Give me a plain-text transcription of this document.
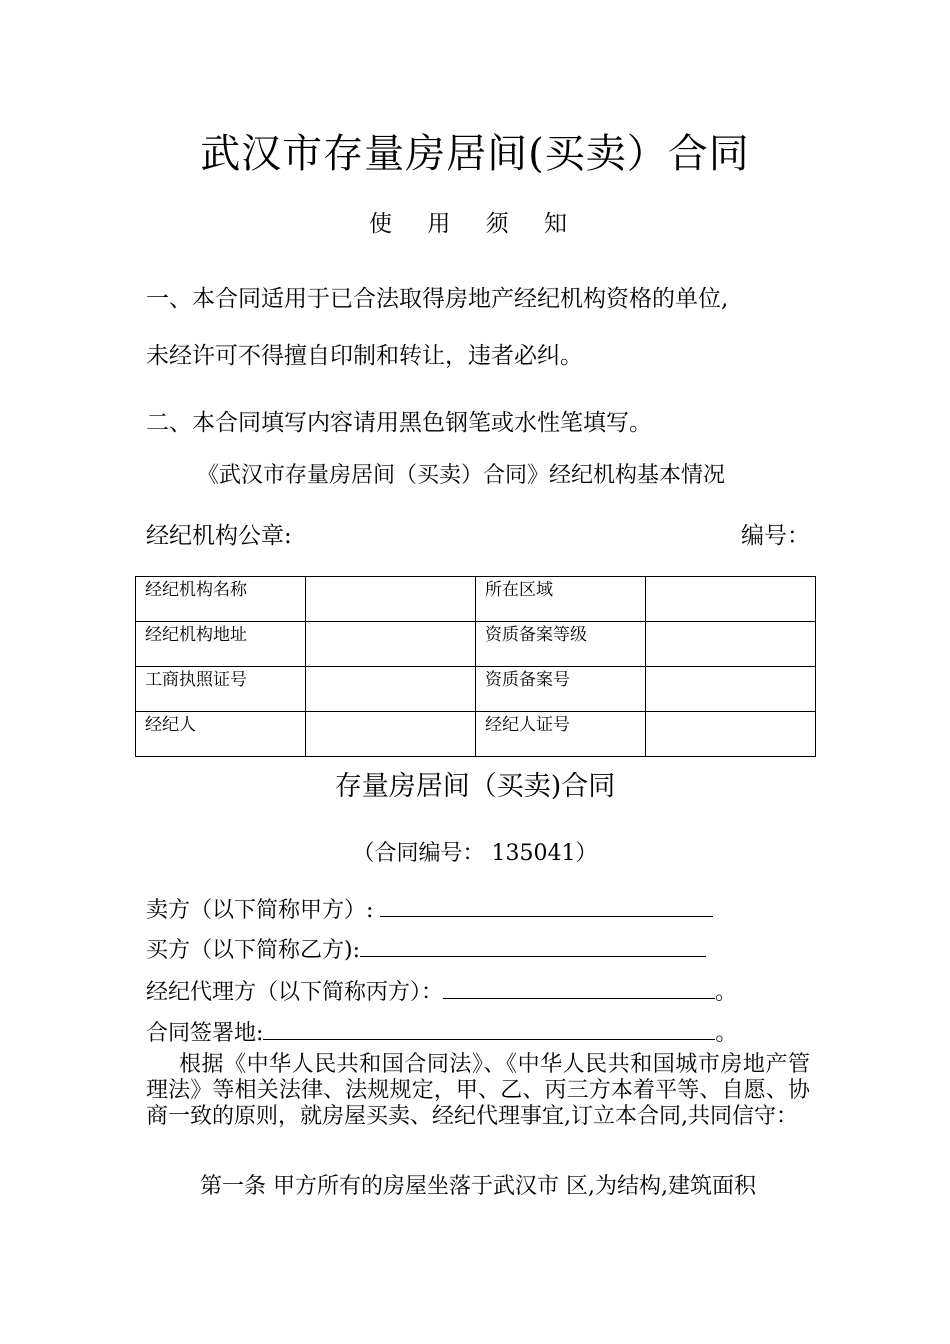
武汉市存量房居间(买卖）合同
使 用 须 知
一、本合同适用于已合法取得房地产经纪机构资格的单位,
未经许可不得擅自印制和转让，违者必纠。
二、本合同填写内容请用黑色钢笔或水性笔填写。
《武汉市存量房居间（买卖）合同》经纪机构基本情况
经纪机构公章:	编号：
经纪机构名称		所在区域	
经纪机构地址		资质备案等级	
工商执照证号		资质备案号	
经纪人		经纪人证号	
存量房居间（买卖)合同
（合同编号： 135041）
卖方（以下简称甲方）:
买方（以下简称乙方):
经纪代理方（以下简称丙方）：	。
合同签署地:	。
根据《中华人民共和国合同法》、《中华人民共和国城市房地产管理法》等相关法律、法规规定，甲、乙、丙三方本着平等、自愿、协商一致的原则，就房屋买卖、经纪代理事宜,订立本合同,共同信守：
第一条 甲方所有的房屋坐落于武汉市 区,为结构,建筑面积
